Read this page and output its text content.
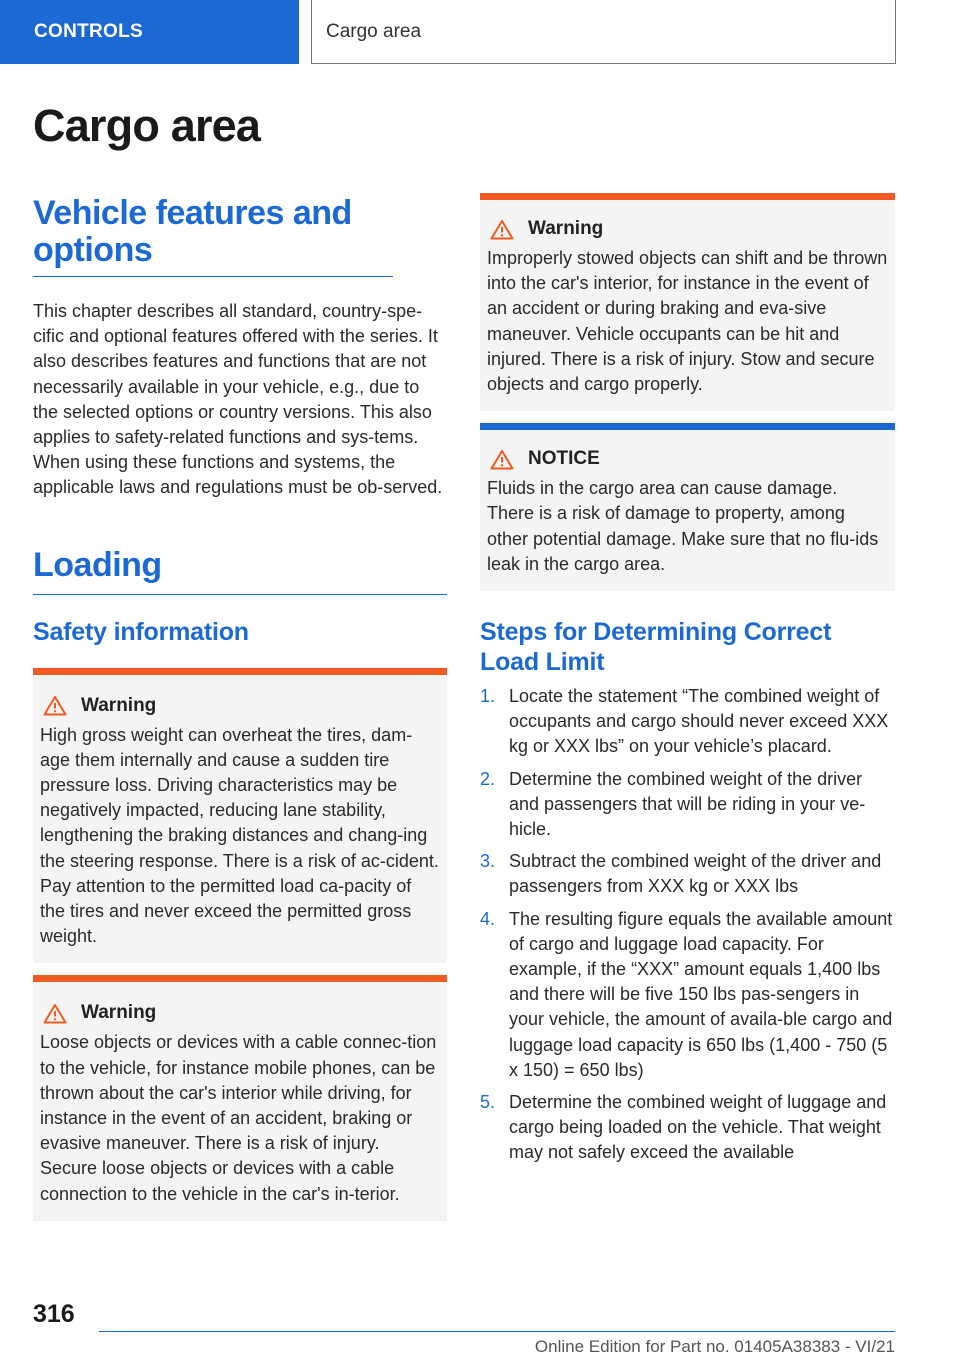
CONTROLS	Cargo area
Cargo area
Vehicle features and options

This chapter describes all standard, country-spe-cific and optional features offered with the series. It also describes features and functions that are not necessarily available in your vehicle, e.g., due to the selected options or country versions. This also applies to safety-related functions and sys-tems. When using these functions and systems, the applicable laws and regulations must be ob-served.

Loading
Safety information
Warning
High gross weight can overheat the tires, dam-age them internally and cause a sudden tire pressure loss. Driving characteristics may be negatively impacted, reducing lane stability, lengthening the braking distances and chang-ing the steering response. There is a risk of ac-cident. Pay attention to the permitted load ca-pacity of the tires and never exceed the permitted gross weight.
Warning
Loose objects or devices with a cable connec-tion to the vehicle, for instance mobile phones, can be thrown about the car's interior while driving, for instance in the event of an accident, braking or evasive maneuver. There is a risk of injury. Secure loose objects or devices with a cable connection to the vehicle in the car's in-terior.
Warning
Improperly stowed objects can shift and be thrown into the car's interior, for instance in the event of an accident or during braking and eva-sive maneuver. Vehicle occupants can be hit and injured. There is a risk of injury. Stow and secure objects and cargo properly.
NOTICE
Fluids in the cargo area can cause damage. There is a risk of damage to property, among other potential damage. Make sure that no flu-ids leak in the cargo area.
Steps for Determining Correct Load Limit
1. Locate the statement “The combined weight of occupants and cargo should never exceed XXX kg or XXX lbs” on your vehicle’s placard.
2. Determine the combined weight of the driver and passengers that will be riding in your ve-hicle.
3. Subtract the combined weight of the driver and passengers from XXX kg or XXX lbs
4. The resulting figure equals the available amount of cargo and luggage load capacity. For example, if the “XXX” amount equals 1,400 lbs and there will be five 150 lbs pas-sengers in your vehicle, the amount of availa-ble cargo and luggage load capacity is 650 lbs (1,400 - 750 (5 x 150) = 650 lbs)
5. Determine the combined weight of luggage and cargo being loaded on the vehicle. That weight may not safely exceed the available
316
Online Edition for Part no. 01405A38383 - VI/21
